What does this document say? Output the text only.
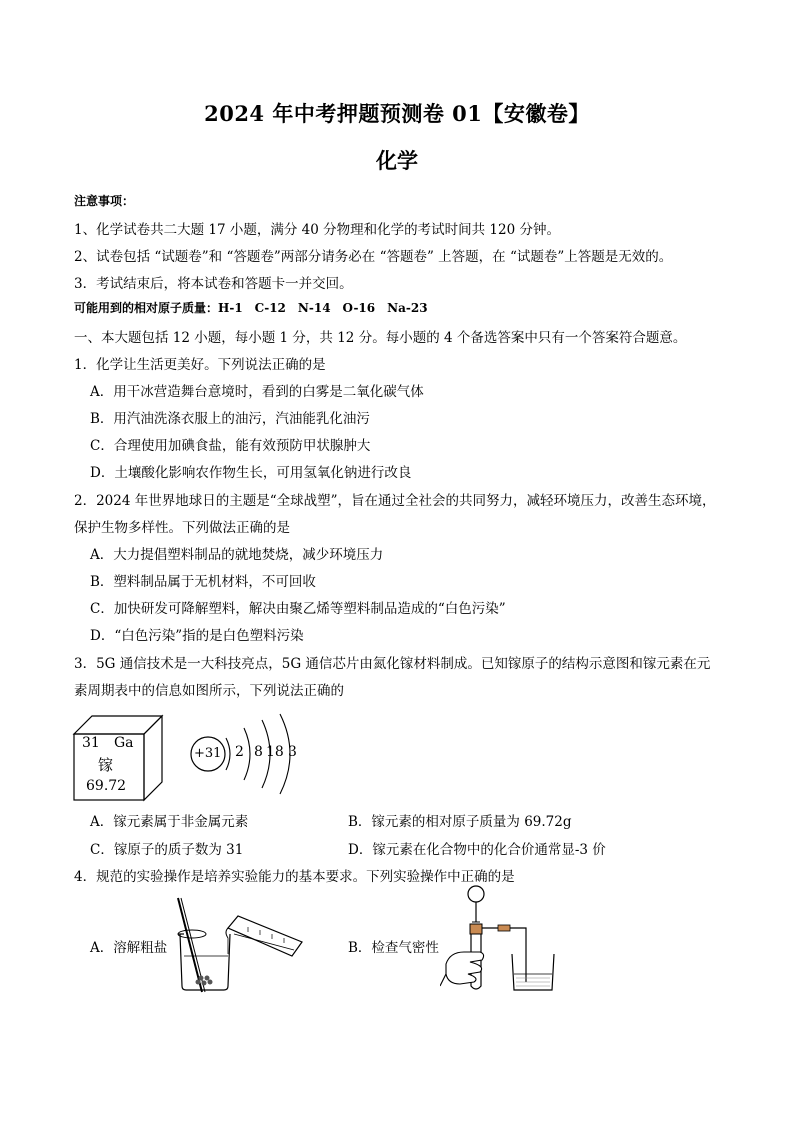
2024 年中考押题预测卷 01【安徽卷】
化学
注意事项：
1、化学试卷共二大题 17 小题，满分 40 分物理和化学的考试时间共 120 分钟。
2、试卷包括 “试题卷”和 “答题卷”两部分请务必在 “答题卷” 上答题，在 “试题卷”上答题是无效的。
3．考试结束后，将本试卷和答题卡一并交回。
可能用到的相对原子质量：H-1　C-12　N-14　O-16　Na-23
一、本大题包括 12 小题，每小题 1 分，共 12 分。每小题的 4 个备选答案中只有一个答案符合题意。
1．化学让生活更美好。下列说法正确的是
A．用干冰营造舞台意境时，看到的白雾是二氧化碳气体
B．用汽油洗涤衣服上的油污，汽油能乳化油污
C．合理使用加碘食盐，能有效预防甲状腺肿大
D．土壤酸化影响农作物生长，可用氢氧化钠进行改良
2．2024 年世界地球日的主题是“全球战塑”，旨在通过全社会的共同努力，减轻环境压力，改善生态环境，
保护生物多样性。下列做法正确的是
A．大力提倡塑料制品的就地焚烧，减少环境压力
B．塑料制品属于无机材料，不可回收
C．加快研发可降解塑料，解决由聚乙烯等塑料制品造成的“白色污染”
D．“白色污染”指的是白色塑料污染
3．5G 通信技术是一大科技亮点，5G 通信芯片由氮化镓材料制成。已知镓原子的结构示意图和镓元素在元
素周期表中的信息如图所示，下列说法正确的
31 Ga
镓
69.72
+31 2 8 18 3
A．镓元素属于非金属元素	B．镓元素的相对原子质量为 69.72g
C．镓原子的质子数为 31	D．镓元素在化合物中的化合价通常显-3 价
4．规范的实验操作是培养实验能力的基本要求。下列实验操作中正确的是
A．溶解粗盐	B．检查气密性
